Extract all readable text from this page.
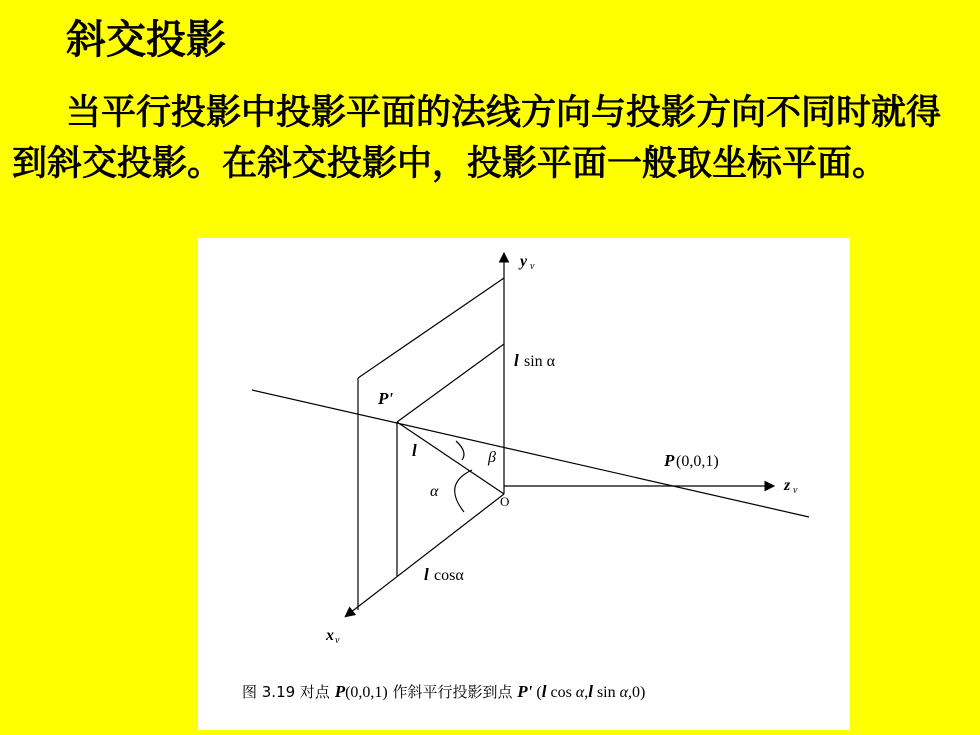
斜交投影
当平行投影中投影平面的法线方向与投影方向不同时就得到斜交投影。在斜交投影中，投影平面一般取坐标平面。
y v
l sin α
P'
l	β
α
O
P (0,0,1)
z v
l cosα
x v
图 3.19 对点 P(0,0,1) 作斜平行投影到点 P' (l cos α,l sin α,0)
